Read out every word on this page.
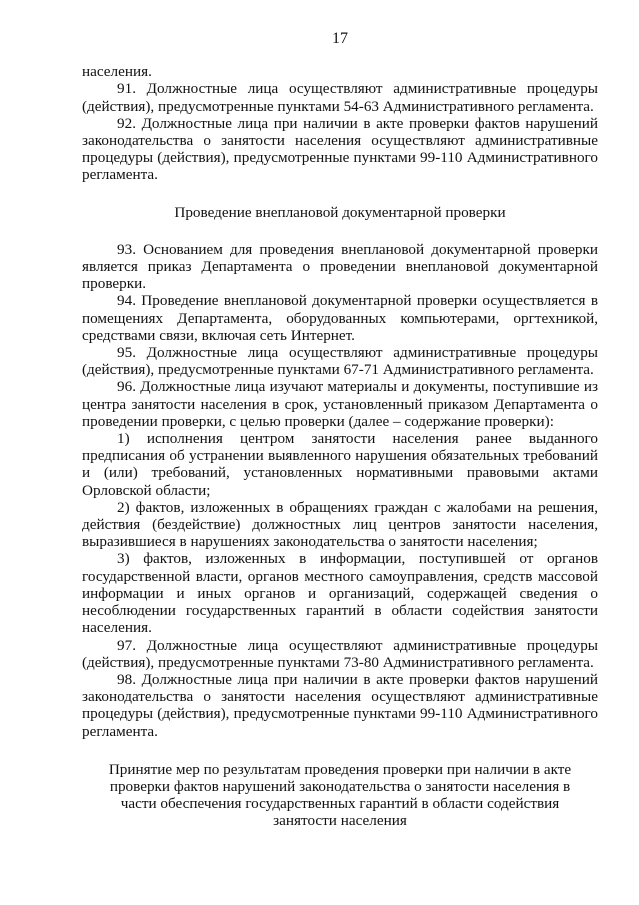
17

населения.

91. Должностные лица осуществляют административные процедуры (действия), предусмотренные пунктами 54-63 Административного регламента.

92. Должностные лица при наличии в акте проверки фактов нарушений законодательства о занятости населения осуществляют административные процедуры (действия), предусмотренные пунктами 99-110 Административного регламента.

Проведение внеплановой документарной проверки

93. Основанием для проведения внеплановой документарной проверки является приказ Департамента о проведении внеплановой документарной проверки.

94. Проведение внеплановой документарной проверки осуществляется в помещениях Департамента, оборудованных компьютерами, оргтехникой, средствами связи, включая сеть Интернет.

95. Должностные лица осуществляют административные процедуры (действия), предусмотренные пунктами 67-71 Административного регламента.

96. Должностные лица изучают материалы и документы, поступившие из центра занятости населения в срок, установленный приказом Департамента о проведении проверки, с целью проверки (далее – содержание проверки):

1) исполнения центром занятости населения ранее выданного предписания об устранении выявленного нарушения обязательных требований и (или) требований, установленных нормативными правовыми актами Орловской области;

2) фактов, изложенных в обращениях граждан с жалобами на решения, действия (бездействие) должностных лиц центров занятости населения, выразившиеся в нарушениях законодательства о занятости населения;

3) фактов, изложенных в информации, поступившей от органов государственной власти, органов местного самоуправления, средств массовой информации и иных органов и организаций, содержащей сведения о несоблюдении государственных гарантий в области содействия занятости населения.

97. Должностные лица осуществляют административные процедуры (действия), предусмотренные пунктами 73-80 Административного регламента.

98. Должностные лица при наличии в акте проверки фактов нарушений законодательства о занятости населения осуществляют административные процедуры (действия), предусмотренные пунктами 99-110 Административного регламента.

Принятие мер по результатам проведения проверки при наличии в акте проверки фактов нарушений законодательства о занятости населения в части обеспечения государственных гарантий в области содействия занятости населения
